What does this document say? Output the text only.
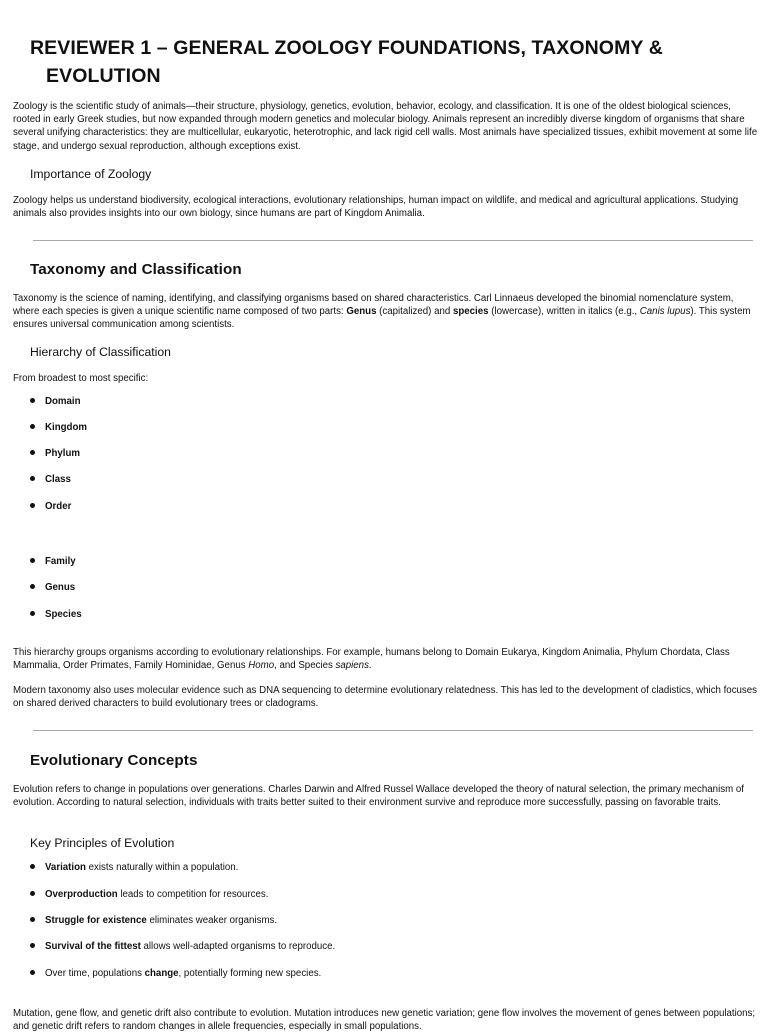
REVIEWER 1 – GENERAL ZOOLOGY FOUNDATIONS, TAXONOMY & EVOLUTION

Zoology is the scientific study of animals—their structure, physiology, genetics, evolution, behavior, ecology, and classification. It is one of the oldest biological sciences, rooted in early Greek studies, but now expanded through modern genetics and molecular biology. Animals represent an incredibly diverse kingdom of organisms that share several unifying characteristics: they are multicellular, eukaryotic, heterotrophic, and lack rigid cell walls. Most animals have specialized tissues, exhibit movement at some life stage, and undergo sexual reproduction, although exceptions exist.

Importance of Zoology

Zoology helps us understand biodiversity, ecological interactions, evolutionary relationships, human impact on wildlife, and medical and agricultural applications. Studying animals also provides insights into our own biology, since humans are part of Kingdom Animalia.

Taxonomy and Classification

Taxonomy is the science of naming, identifying, and classifying organisms based on shared characteristics. Carl Linnaeus developed the binomial nomenclature system, where each species is given a unique scientific name composed of two parts: Genus (capitalized) and species (lowercase), written in italics (e.g., Canis lupus). This system ensures universal communication among scientists.

Hierarchy of Classification

From broadest to most specific:

Domain
Kingdom
Phylum
Class
Order
Family
Genus
Species

This hierarchy groups organisms according to evolutionary relationships. For example, humans belong to Domain Eukarya, Kingdom Animalia, Phylum Chordata, Class Mammalia, Order Primates, Family Hominidae, Genus Homo, and Species sapiens.

Modern taxonomy also uses molecular evidence such as DNA sequencing to determine evolutionary relatedness. This has led to the development of cladistics, which focuses on shared derived characters to build evolutionary trees or cladograms.

Evolutionary Concepts

Evolution refers to change in populations over generations. Charles Darwin and Alfred Russel Wallace developed the theory of natural selection, the primary mechanism of evolution. According to natural selection, individuals with traits better suited to their environment survive and reproduce more successfully, passing on favorable traits.

Key Principles of Evolution
Variation exists naturally within a population.
Overproduction leads to competition for resources.
Struggle for existence eliminates weaker organisms.
Survival of the fittest allows well-adapted organisms to reproduce.
Over time, populations change, potentially forming new species.

Mutation, gene flow, and genetic drift also contribute to evolution. Mutation introduces new genetic variation; gene flow involves the movement of genes between populations; and genetic drift refers to random changes in allele frequencies, especially in small populations.
